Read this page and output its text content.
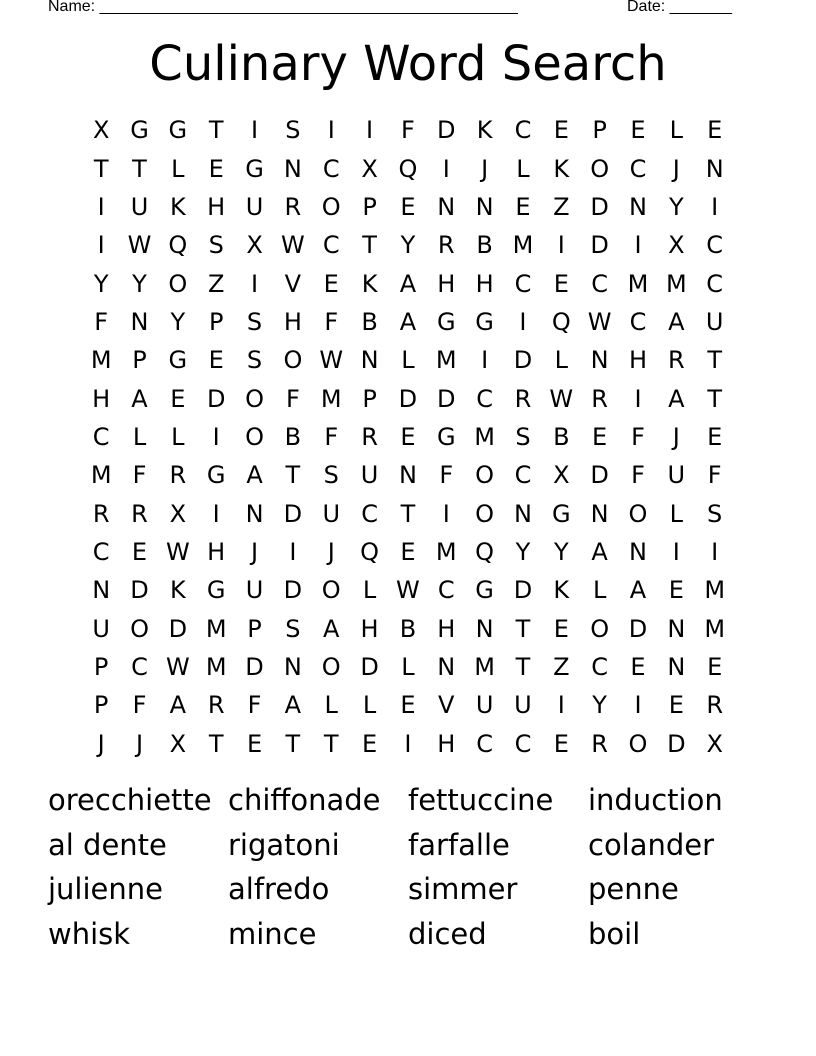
Name: _______________________________________________	Date: _______
Culinary Word Search
X G G T	I	S	I	I	F D K C E P E	L	E
T T	L	E G N C X Q	I	J	L K O C	J	N
I	U K H U R O P E N N E Z D N Y	I
I W Q S X W C T Y R B M	I	D	I	X C
Y Y O Z	I	V E K A H H C E C M M C
F N Y P S H F B A G G	I	Q W C A U
M P G E S O W N L M	I	D L N H R T
H A E D O F M P D D C R W R	I	A T
C L	L	I	O B F R E G M S B E F	J	E
M F R G A T S U N F O C X D F U F
R R X	I	N D U C T	I	O N G N O L	S
C E W H	J	I	J	Q E M Q Y Y A N	I	I
N D K G U D O L W C G D K L A E M
U O D M P S A H B H N T E O D N M
P C W M D N O D L N M T Z C E N E
P	F A R F A L	L	E V U U	I	Y	I	E R
J	J	X T E T T E	I	H C C E R O D X
orecchiette chiffonade fettuccine	induction
al dente	rigatoni	farfalle	colander
julienne	alfredo	simmer	penne
whisk	mince	diced	boil
